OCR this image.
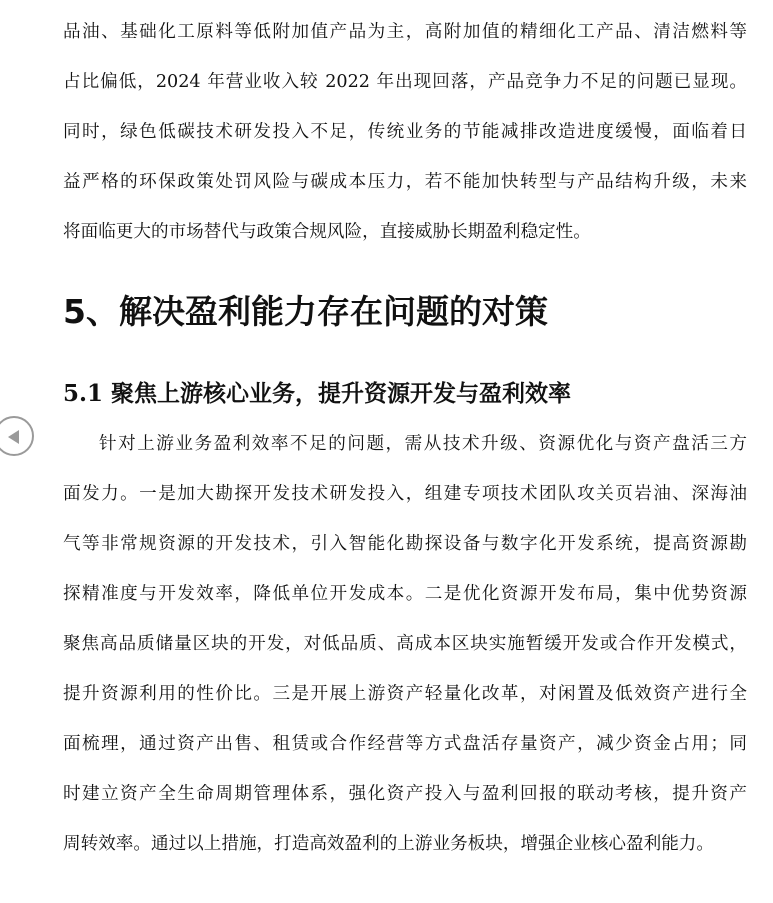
品油、基础化工原料等低附加值产品为主，高附加值的精细化工产品、清洁燃料等
占比偏低，2024 年营业收入较 2022 年出现回落，产品竞争力不足的问题已显现。
同时，绿色低碳技术研发投入不足，传统业务的节能减排改造进度缓慢，面临着日
益严格的环保政策处罚风险与碳成本压力，若不能加快转型与产品结构升级，未来
将面临更大的市场替代与政策合规风险，直接威胁长期盈利稳定性。
5、解决盈利能力存在问题的对策
5.1 聚焦上游核心业务，提升资源开发与盈利效率
针对上游业务盈利效率不足的问题，需从技术升级、资源优化与资产盘活三方
面发力。一是加大勘探开发技术研发投入，组建专项技术团队攻关页岩油、深海油
气等非常规资源的开发技术，引入智能化勘探设备与数字化开发系统，提高资源勘
探精准度与开发效率，降低单位开发成本。二是优化资源开发布局，集中优势资源
聚焦高品质储量区块的开发，对低品质、高成本区块实施暂缓开发或合作开发模式，
提升资源利用的性价比。三是开展上游资产轻量化改革，对闲置及低效资产进行全
面梳理，通过资产出售、租赁或合作经营等方式盘活存量资产，减少资金占用；同
时建立资产全生命周期管理体系，强化资产投入与盈利回报的联动考核，提升资产
周转效率。通过以上措施，打造高效盈利的上游业务板块，增强企业核心盈利能力。
